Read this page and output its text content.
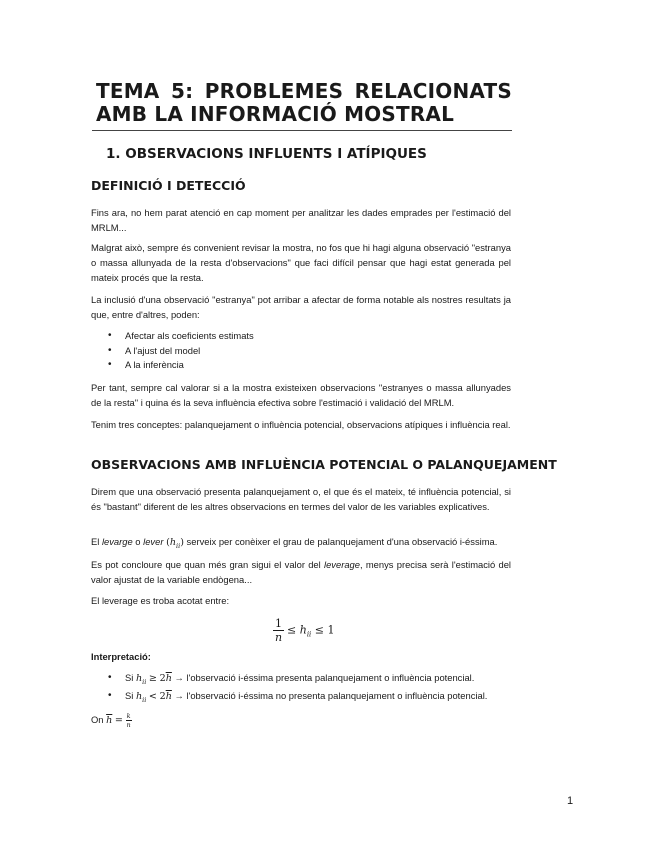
TEMA 5: PROBLEMES RELACIONATS AMB LA INFORMACIÓ MOSTRAL
1. OBSERVACIONS INFLUENTS I ATÍPIQUES
DEFINICIÓ I DETECCIÓ

Fins ara, no hem parat atenció en cap moment per analitzar les dades emprades per l'estimació del MRLM...

Malgrat això, sempre és convenient revisar la mostra, no fos que hi hagi alguna observació "estranya o massa allunyada de la resta d'observacions" que faci difícil pensar que hagi estat generada pel mateix procés que la resta.

La inclusió d'una observació "estranya" pot arribar a afectar de forma notable als nostres resultats ja que, entre d'altres, poden:

• Afectar als coeficients estimats
• A l'ajust del model
• A la inferència

Per tant, sempre cal valorar si a la mostra existeixen observacions "estranyes o massa allunyades de la resta" i quina és la seva influència efectiva sobre l'estimació i validació del MRLM.

Tenim tres conceptes: palanquejament o influència potencial, observacions atípiques i influència real.

OBSERVACIONS AMB INFLUÈNCIA POTENCIAL O PALANQUEJAMENT

Direm que una observació presenta palanquejament o, el que és el mateix, té influència potencial, si és "bastant" diferent de les altres observacions en termes del valor de les variables explicatives.

El levarge o lever $(h_{ii})$ serveix per conèixer el grau de palanquejament d'una observació i-éssima.

Es pot concloure que quan més gran sigui el valor del leverage, menys precisa serà l'estimació del valor ajustat de la variable endògena...

El leverage es troba acotat entre:

$\frac{1}{n} \le h_{ii} \le 1$

Interpretació:

• Si $h_{ii} \ge 2\overline{h}$ → l'observació i-éssima presenta palanquejament o influència potencial.
• Si $h_{ii} < 2\overline{h}$ → l'observació i-éssima no presenta palanquejament o influència potencial.

On $\overline{h} = \frac{k}{n}$

1
